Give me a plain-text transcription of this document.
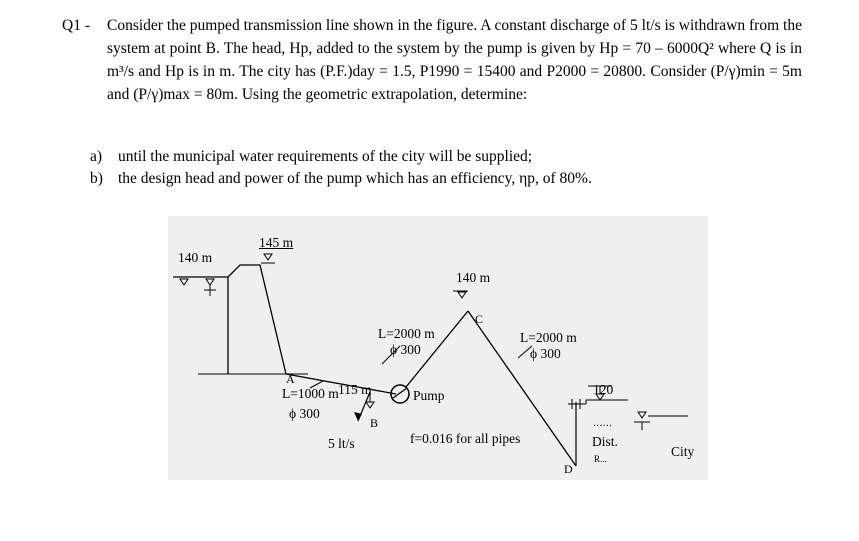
Q1 -	Consider the pumped transmission line shown in the figure. A constant discharge of 5 lt/s is withdrawn from the system at point B. The head, Hp, added to the system by the pump is given by Hp = 70 – 6000Q² where Q is in m³/s and Hp is in m. The city has (P.F.)day = 1.5, P1990 = 15400 and P2000 = 20800. Consider (P/γ)min = 5m and (P/γ)max = 80m. Using the geometric extrapolation, determine:
a)	until the municipal water requirements of the city will be supplied;
b) the design head and power of the pump which has an efficiency, ηp, of 80%.
......
140 m
145 m
140 m
C
L=2000 m
ϕ 300
L=2000 m
ϕ 300
A
L=1000 m
ϕ 300
115 m
B
5 lt/s
Pump
f=0.016 for all pipes
120
D
Dist.
R...	City
